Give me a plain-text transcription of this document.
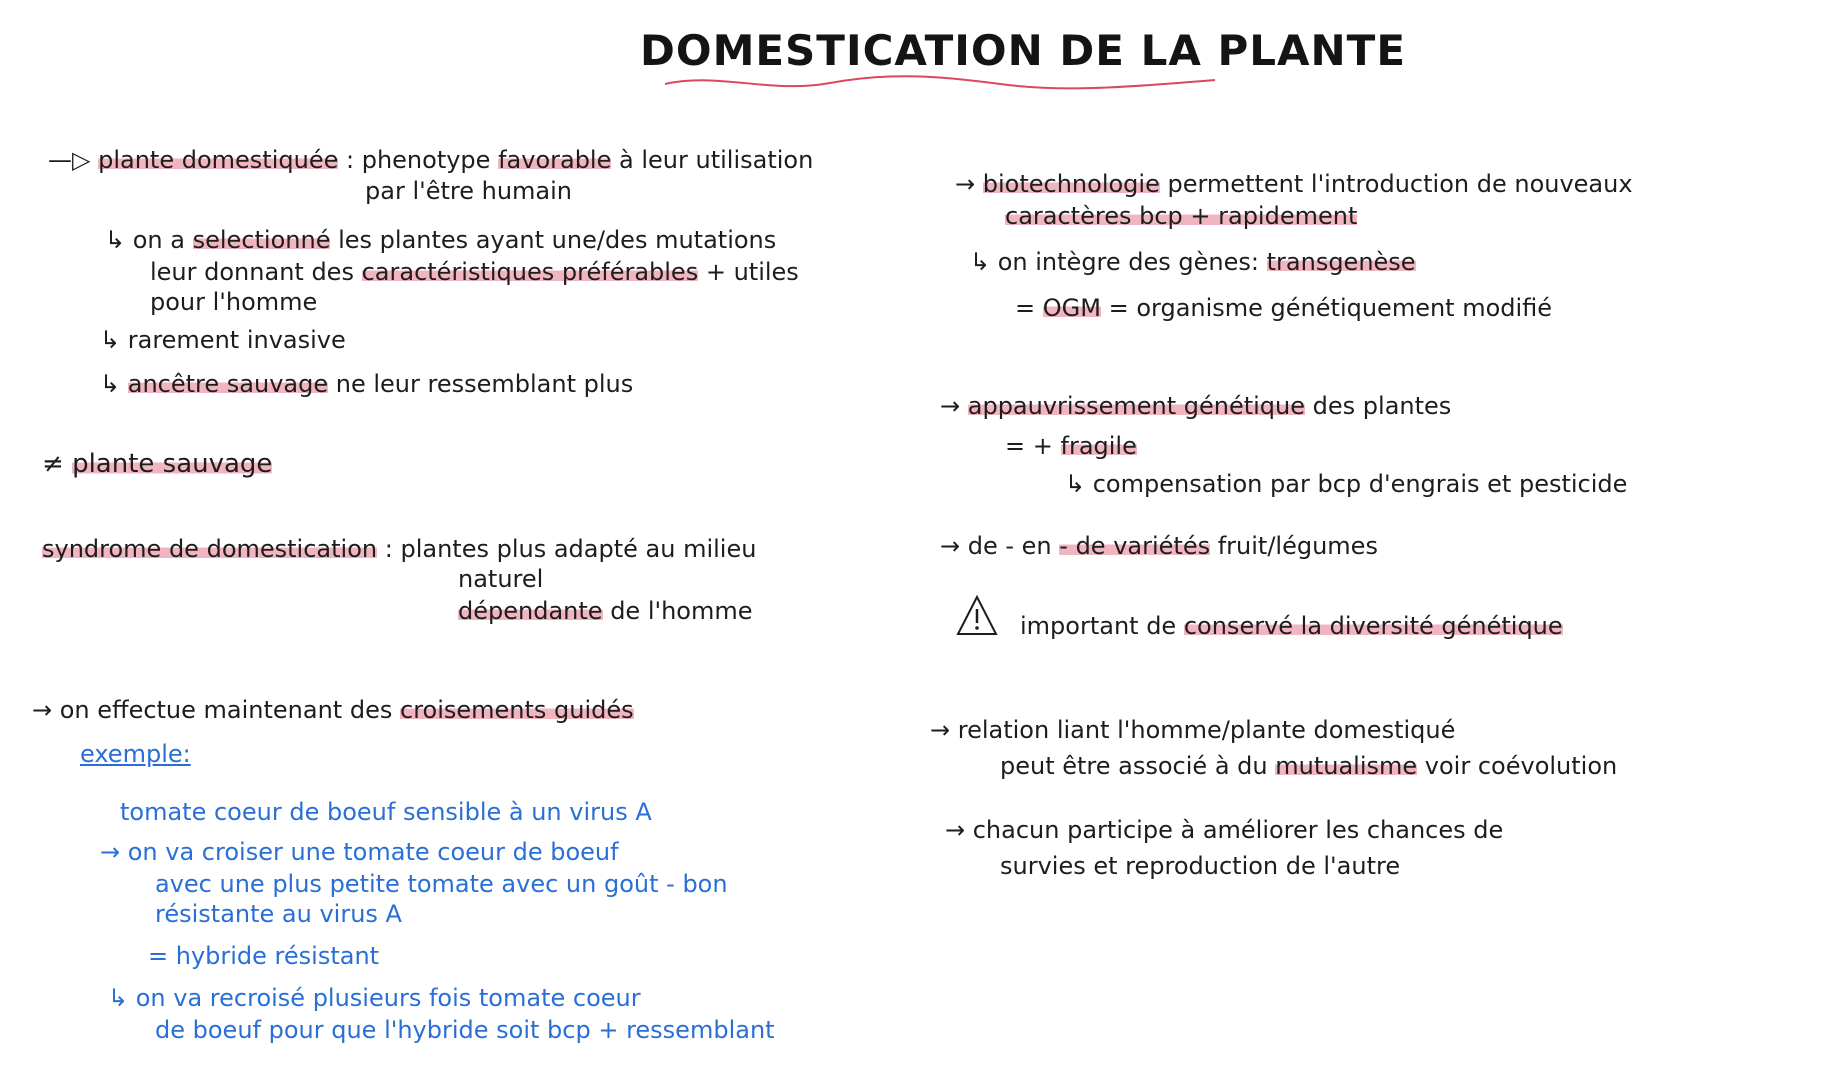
DOMESTICATION DE LA PLANTE
—▷ plante domestiquée : phenotype favorable à leur utilisation
par l'être humain
↳ on a selectionné les plantes ayant une/des mutations
leur donnant des caractéristiques préférables + utiles
pour l'homme
↳ rarement invasive
↳ ancêtre sauvage ne leur ressemblant plus
≠ plante sauvage
syndrome de domestication : plantes plus adapté au milieu
naturel
dépendante de l'homme
→ on effectue maintenant des croisements guidés
exemple:
tomate coeur de boeuf sensible à un virus A
→ on va croiser une tomate coeur de boeuf
avec une plus petite tomate avec un goût - bon
résistante au virus A
= hybride résistant
↳ on va recroisé plusieurs fois tomate coeur
de boeuf pour que l'hybride soit bcp + ressemblant
→ biotechnologie permettent l'introduction de nouveaux
caractères bcp + rapidement
↳ on intègre des gènes: transgenèse
= OGM = organisme génétiquement modifié
→ appauvrissement génétique des plantes
= + fragile
↳ compensation par bcp d'engrais et pesticide
→ de - en - de variétés fruit/légumes
important de conservé la diversité génétique
→ relation liant l'homme/plante domestiqué
peut être associé à du mutualisme voir coévolution
→ chacun participe à améliorer les chances de
survies et reproduction de l'autre
